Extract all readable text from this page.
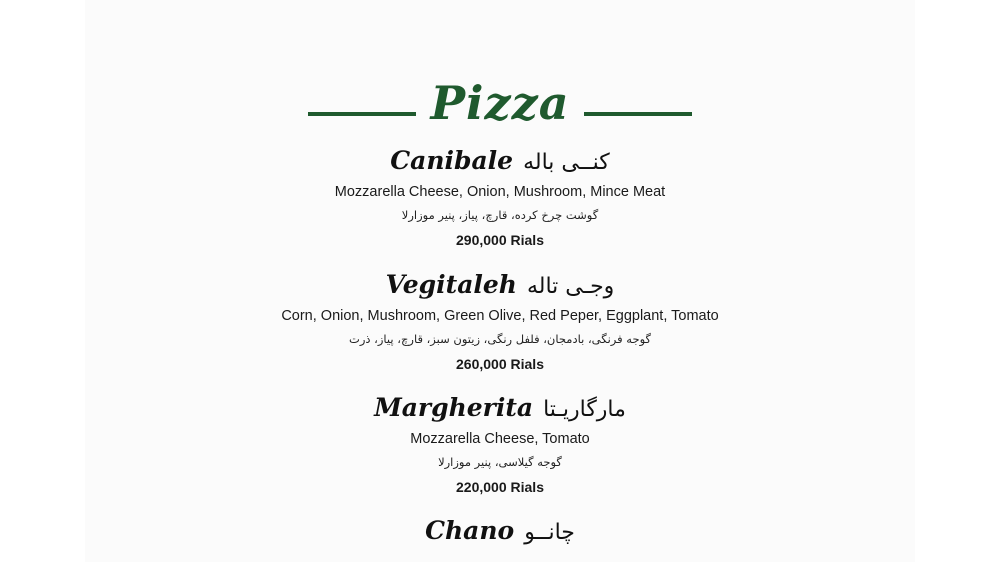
Pizza
Canibale کنــی باله
Mozzarella Cheese, Onion, Mushroom, Mince Meat
گوشت چرخ کرده، قارچ، پیاز، پنیر موزارلا
290,000 Rials
Vegitaleh وجـی تاله
Corn, Onion, Mushroom, Green Olive, Red Peper, Eggplant, Tomato
گوجه فرنگی، بادمجان، فلفل رنگی، زیتون سبز، قارچ، پیاز، ذرت
260,000 Rials
Margherita مارگاریـتا
Mozzarella Cheese, Tomato
گوجه گیلاسی، پنیر موزارلا
220,000 Rials
Chano چانــو
